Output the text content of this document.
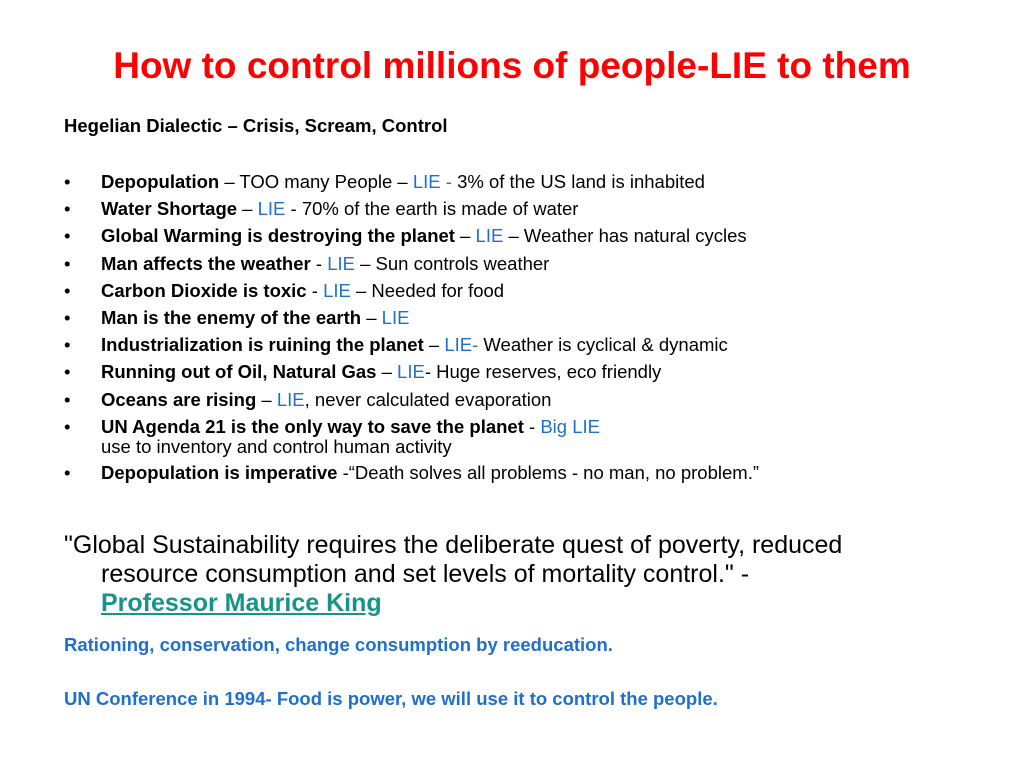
How to control millions of people-LIE to them
Hegelian Dialectic – Crisis, Scream, Control
• Depopulation – TOO many People – LIE - 3% of the US land is inhabited
• Water Shortage – LIE - 70% of the earth is made of water
• Global Warming is destroying the planet – LIE – Weather has natural cycles
• Man affects the weather - LIE – Sun controls weather
• Carbon Dioxide is toxic - LIE – Needed for food
• Man is the enemy of the earth – LIE
• Industrialization is ruining the planet – LIE- Weather is cyclical & dynamic
• Running out of Oil, Natural Gas – LIE- Huge reserves, eco friendly
• Oceans are rising – LIE, never calculated evaporation
• UN Agenda 21 is the only way to save the planet - Big LIE
use to inventory and control human activity
• Depopulation is imperative -“Death solves all problems - no man, no problem.”
"Global Sustainability requires the deliberate quest of poverty, reduced
resource consumption and set levels of mortality control." -
Professor Maurice King
Rationing, conservation, change consumption by reeducation.
UN Conference in 1994- Food is power, we will use it to control the people.
